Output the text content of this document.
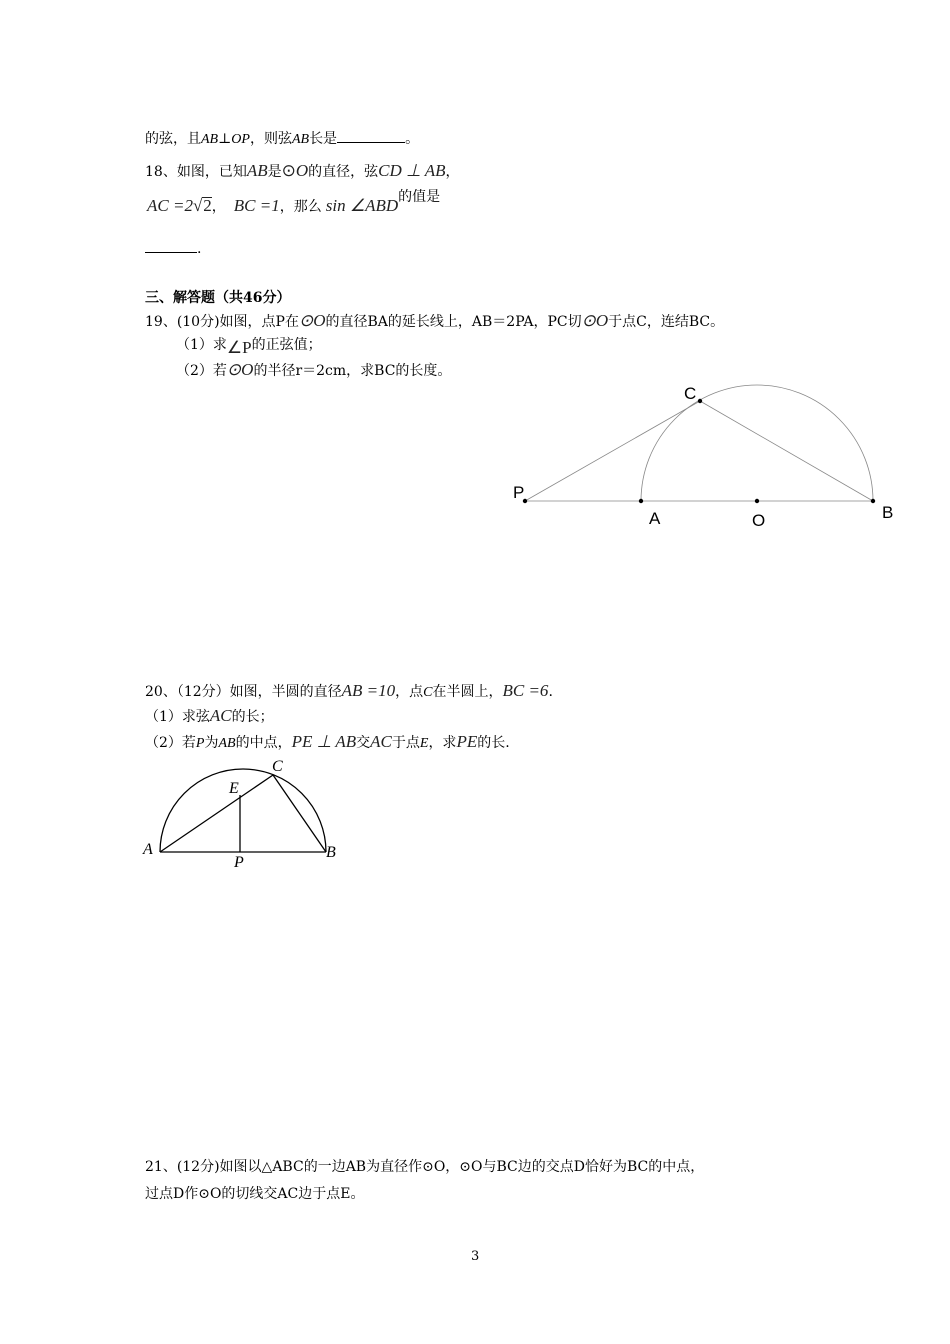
的弦，且AB⊥OP，则弦AB长是	。
18、如图，已知AB是⊙O的直径，弦CD ⊥ AB，
AC =2√2， BC =1，那么 sin ∠ABD的值是
.
三、解答题（共46分）
19、(10分)如图，点P在⊙O的直径BA的延长线上，AB＝2PA，PC切⊙O于点C，连结BC。
（1）求∠P的正弦值；
（2）若⊙O的半径r＝2cm，求BC的长度。
C
P
A	O	B
20、（12分）如图，半圆的直径AB =10，点C在半圆上，BC =6.
（1）求弦AC的长；
（2）若P为AB的中点，PE ⊥ AB交AC于点E，求PE的长.
A	B
C
E
P
21、(12分)如图以△ABC的一边AB为直径作⊙O，⊙O与BC边的交点D恰好为BC的中点，
过点D作⊙O的切线交AC边于点E。
3
